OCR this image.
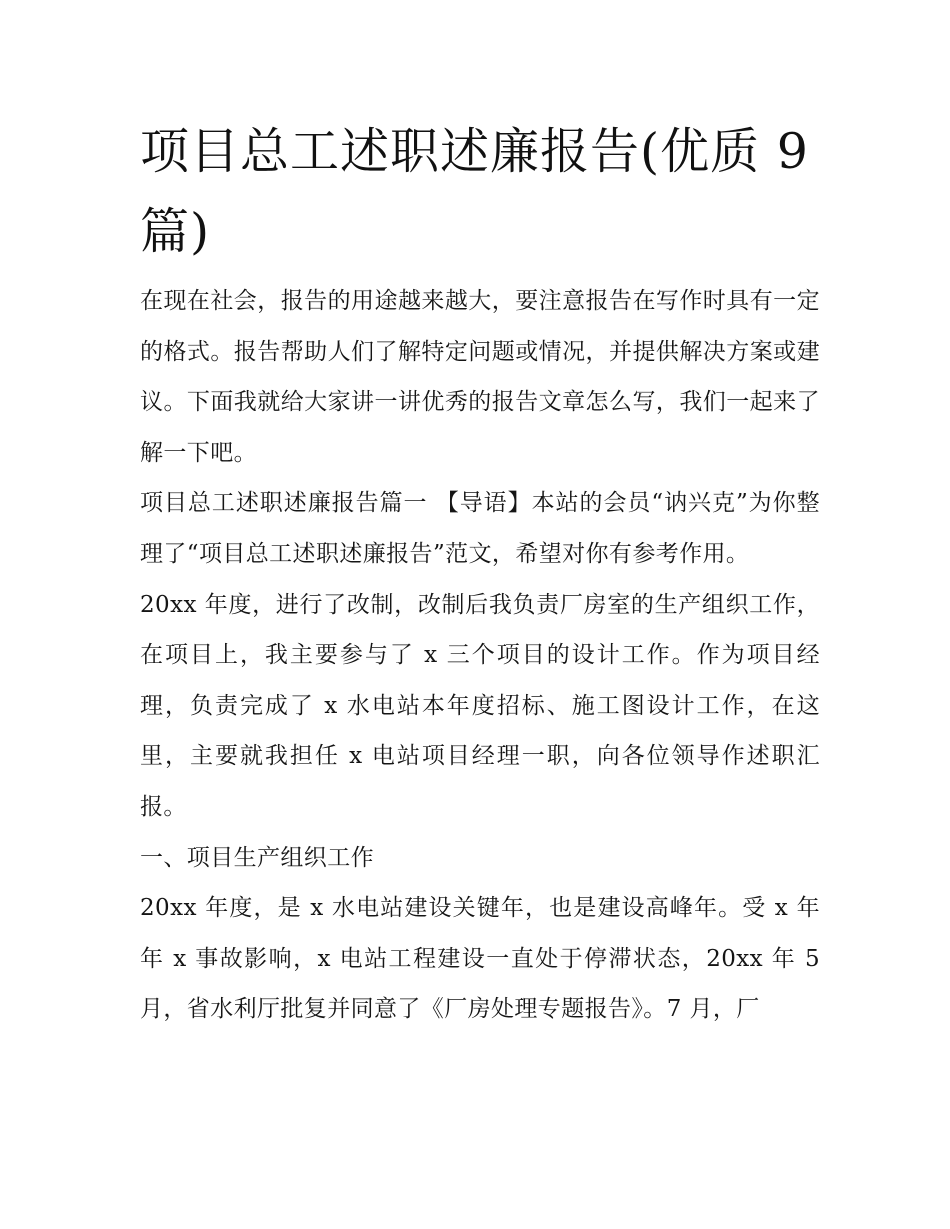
项目总工述职述廉报告(优质 9 篇)

在现在社会，报告的用途越来越大，要注意报告在写作时具有一定的格式。报告帮助人们了解特定问题或情况，并提供解决方案或建议。下面我就给大家讲一讲优秀的报告文章怎么写，我们一起来了解一下吧。

项目总工述职述廉报告篇一 【导语】本站的会员“讷兴克”为你整理了“项目总工述职述廉报告”范文，希望对你有参考作用。

20xx 年度，进行了改制，改制后我负责厂房室的生产组织工作，在项目上，我主要参与了 x 三个项目的设计工作。作为项目经理，负责完成了 x 水电站本年度招标、施工图设计工作，在这里，主要就我担任 x 电站项目经理一职，向各位领导作述职汇报。

一、项目生产组织工作

20xx 年度，是 x 水电站建设关键年，也是建设高峰年。受 x 年年 x 事故影响，x 电站工程建设一直处于停滞状态，20xx 年 5 月，省水利厅批复并同意了《厂房处理专题报告》。7 月，厂
